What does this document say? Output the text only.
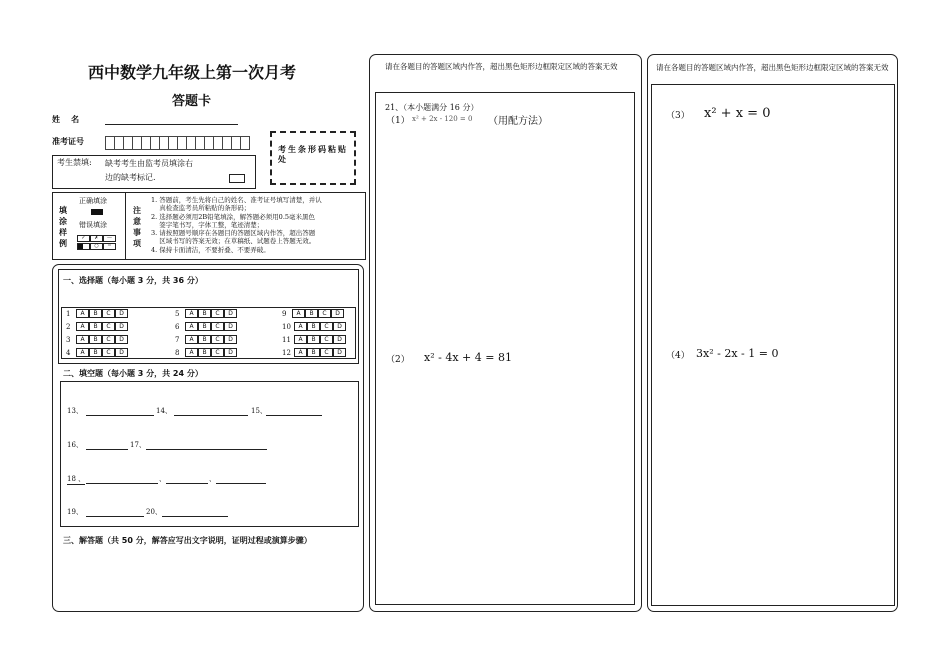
西中数学九年级上第一次月考
答题卡
姓    名
准考证号
考生条形码粘贴处
考生禁填: 缺考考生由监考员填涂右
边的缺考标记.
填涂样例
正确填涂
错误填涂
✓	✗	—
○	=
注意事项
1. 答题前，考生先将自己的姓名、准考证号填写清楚，并认
真检查监考员所粘贴的条形码；
2. 选择题必须用2B铅笔填涂，解答题必须用0.5毫米黑色
签字笔书写，字体工整，笔迹清楚；
3. 请按照题号顺序在各题目的答题区域内作答，超出答题
区域书写的答案无效；在草稿纸、试题卷上答题无效。
4. 保持卡面清洁，不要折叠、不要弄破。
一、选择题（每小题 3 分，共 36 分）
1	A	B	C	D
2	A	B	C	D
3	A	B	C	D
4	A	B	C	D
5	A	B	C	D
6	A	B	C	D
7	A	B	C	D
8	A	B	C	D
9	A	B	C	D
10	A	B	C	D
11	A	B	C	D
12	A	B	C	D
二、填空题（每小题 3 分，共 24 分）
13、	14、	15、
16、	17、
18 、	、	、
19、	20、
三、解答题（共 50 分，解答应写出文字说明，证明过程或演算步骤）
请在各题目的答题区域内作答，超出黑色矩形边框限定区域的答案无效
21、（本小题满分 16 分）
（1） x² + 2x - 120 = 0 （用配方法）
（2） x² - 4x + 4 = 81
请在各题目的答题区域内作答，超出黑色矩形边框限定区域的答案无效
（3） x² + x = 0
（4） 3x² - 2x - 1 = 0
